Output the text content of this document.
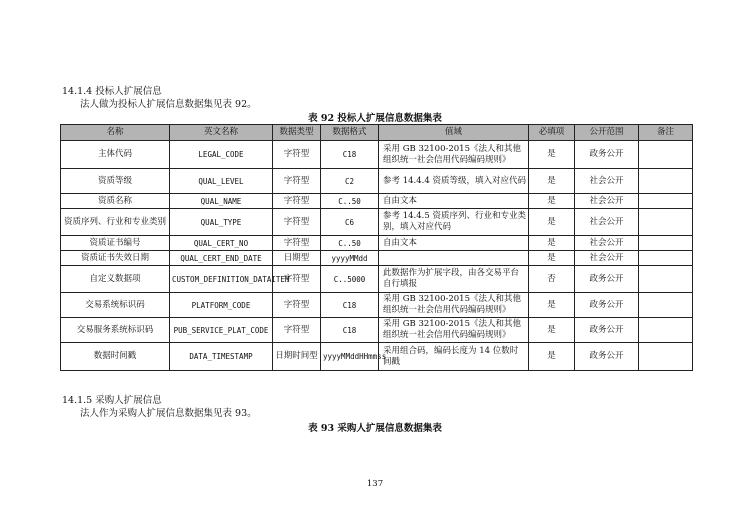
14.1.4 投标人扩展信息
法人做为投标人扩展信息数据集见表 92。
表 92 投标人扩展信息数据集表
名称	英文名称	数据类型	数据格式	值域	必填项	公开范围	备注
主体代码	LEGAL_CODE	字符型	C18	采用 GB 32100-2015《法人和其他组织统一社会信用代码编码规则》	是	政务公开	
资质等级	QUAL_LEVEL	字符型	C2	参考 14.4.4 资质等级，填入对应代码	是	社会公开	
资质名称	QUAL_NAME	字符型	C..50	自由文本	是	社会公开	
资质序列、行业和专业类别	QUAL_TYPE	字符型	C6	参考 14.4.5 资质序列、行业和专业类别，填入对应代码	是	社会公开	
资质证书编号	QUAL_CERT_NO	字符型	C..50	自由文本	是	社会公开	
资质证书失效日期	QUAL_CERT_END_DATE	日期型	yyyyMMdd		是	社会公开	
自定义数据项	CUSTOM_DEFINITION_DATAITEM	字符型	C..5000	此数据作为扩展字段，由各交易平台自行填报	否	政务公开	
交易系统标识码	PLATFORM_CODE	字符型	C18	采用 GB 32100-2015《法人和其他组织统一社会信用代码编码规则》	是	政务公开	
交易服务系统标识码	PUB_SERVICE_PLAT_CODE	字符型	C18	采用 GB 32100-2015《法人和其他组织统一社会信用代码编码规则》	是	政务公开	
数据时间戳	DATA_TIMESTAMP	日期时间型	yyyyMMddHHmmss	采用组合码，编码长度为 14 位数时间戳	是	政务公开	
14.1.5 采购人扩展信息
法人作为采购人扩展信息数据集见表 93。
表 93 采购人扩展信息数据集表
137
